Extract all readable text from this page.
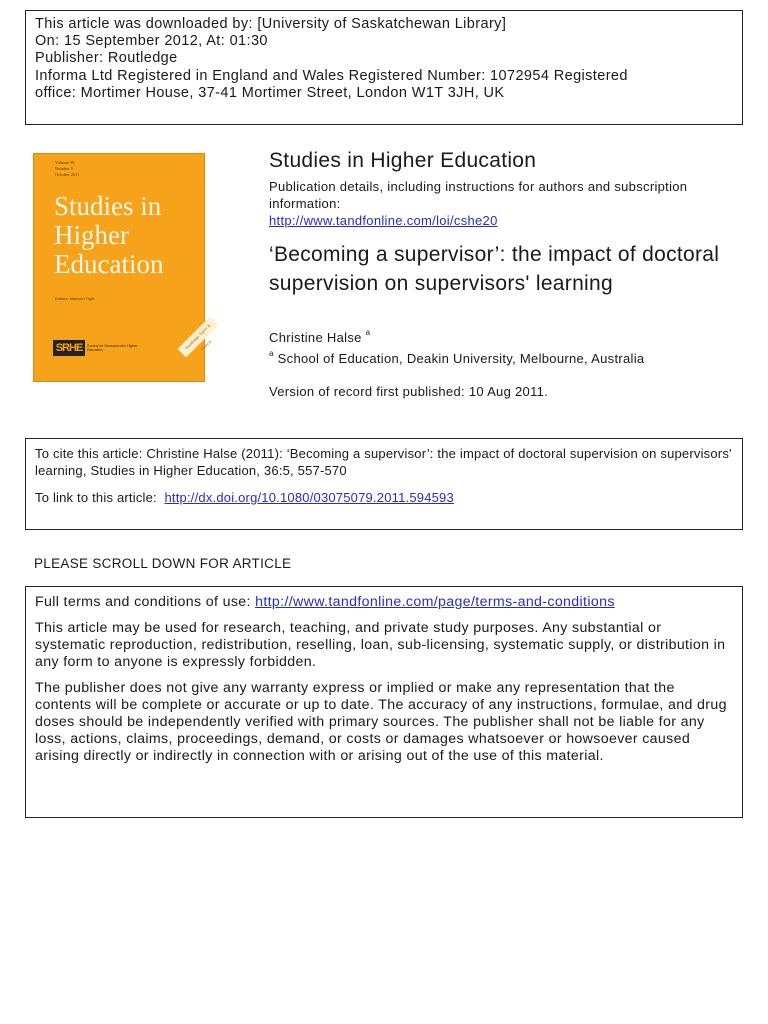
This article was downloaded by: [University of Saskatchewan Library]
On: 15 September 2012, At: 01:30
Publisher: Routledge
Informa Ltd Registered in England and Wales Registered Number: 1072954 Registered
office: Mortimer House, 37-41 Mortimer Street, London W1T 3JH, UK
Volume 36
Number 5
October 2011
Studies in Higher Education
Editors: Malcolm Tight
SRHE	Society for Research into Higher Education	Routledge Taylor & Francis
Studies in Higher Education
Publication details, including instructions for authors and subscription information:
http://www.tandfonline.com/loi/cshe20
‘Becoming a supervisor’: the impact of doctoral supervision on supervisors' learning
Christine Halse $^a$
$^a$ School of Education, Deakin University, Melbourne, Australia
Version of record first published: 10 Aug 2011.
To cite this article: Christine Halse (2011): ‘Becoming a supervisor’: the impact of doctoral supervision on supervisors' learning, Studies in Higher Education, 36:5, 557-570
To link to this article: http://dx.doi.org/10.1080/03075079.2011.594593
PLEASE SCROLL DOWN FOR ARTICLE

Full terms and conditions of use: http://www.tandfonline.com/page/terms-and-conditions

This article may be used for research, teaching, and private study purposes. Any substantial or systematic reproduction, redistribution, reselling, loan, sub-licensing, systematic supply, or distribution in any form to anyone is expressly forbidden.

The publisher does not give any warranty express or implied or make any representation that the contents will be complete or accurate or up to date. The accuracy of any instructions, formulae, and drug doses should be independently verified with primary sources. The publisher shall not be liable for any loss, actions, claims, proceedings, demand, or costs or damages whatsoever or howsoever caused arising directly or indirectly in connection with or arising out of the use of this material.
